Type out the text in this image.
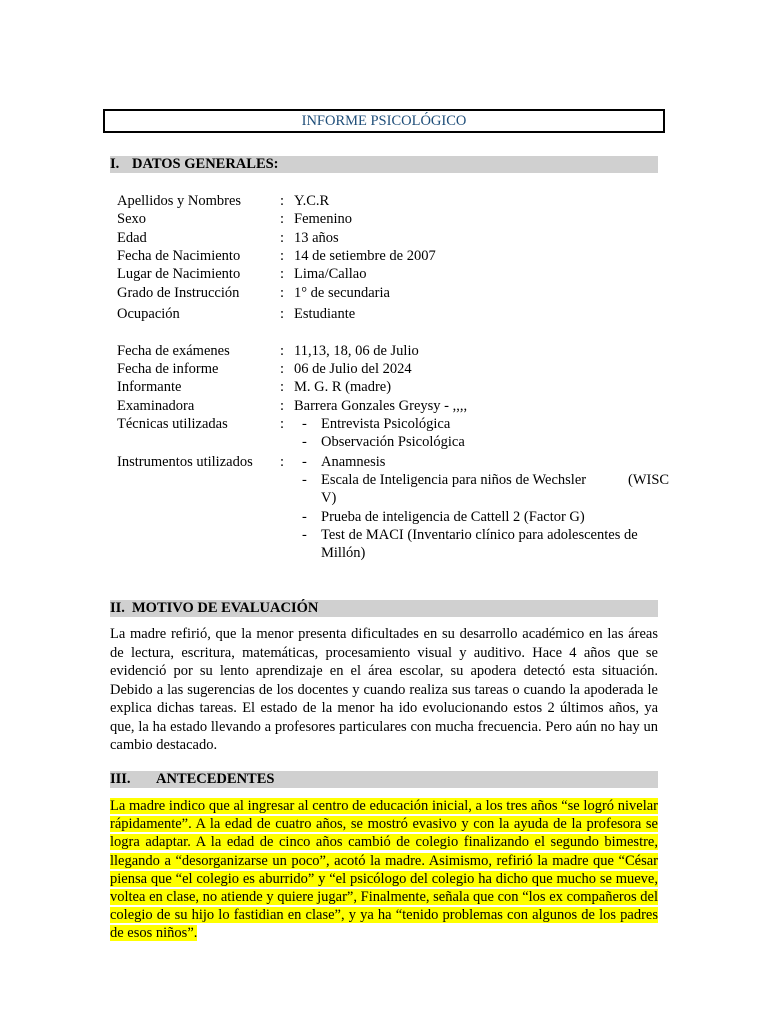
INFORME PSICOLÓGICO
I. DATOS GENERALES:
Apellidos y Nombres	: Y.C.R
Sexo	: Femenino
Edad	: 13 años
Fecha de Nacimiento	: 14 de setiembre de 2007
Lugar de Nacimiento	: Lima/Callao
Grado de Instrucción	: 1° de secundaria
Ocupación	: Estudiante
Fecha de exámenes	: 11,13, 18, 06 de Julio
Fecha de informe	: 06 de Julio del 2024
Informante	: M. G. R (madre)
Examinadora	: Barrera Gonzales Greysy - ,,,,
Técnicas utilizadas	: - Entrevista Psicológica
- Observación Psicológica
Instrumentos utilizados : - Anamnesis
- Escala de Inteligencia para niños de Wechsler	(WISC
V)
- Prueba de inteligencia de Cattell 2 (Factor G)
- Test de MACI (Inventario clínico para adolescentes de
Millón)
II. MOTIVO DE EVALUACIÓN
La madre refirió, que la menor presenta dificultades en su desarrollo académico en las áreas de lectura, escritura, matemáticas, procesamiento visual y auditivo. Hace 4 años que se evidenció por su lento aprendizaje en el área escolar, su apodera detectó esta situación. Debido a las sugerencias de los docentes y cuando realiza sus tareas o cuando la apoderada le explica dichas tareas. El estado de la menor ha ido evolucionando estos 2 últimos años, ya que, la ha estado llevando a profesores particulares con mucha frecuencia. Pero aún no hay un cambio destacado.
III. ANTECEDENTES
La madre indico que al ingresar al centro de educación inicial, a los tres años “se logró nivelar rápidamente”. A la edad de cuatro años, se mostró evasivo y con la ayuda de la profesora se logra adaptar. A la edad de cinco años cambió de colegio finalizando el segundo bimestre, llegando a “desorganizarse un poco”, acotó la madre. Asimismo, refirió la madre que “César piensa que “el colegio es aburrido” y “el psicólogo del colegio ha dicho que mucho se mueve, voltea en clase, no atiende y quiere jugar”, Finalmente, señala que con “los ex compañeros del colegio de su hijo lo fastidian en clase”, y ya ha “tenido problemas con algunos de los padres de esos niños”.
